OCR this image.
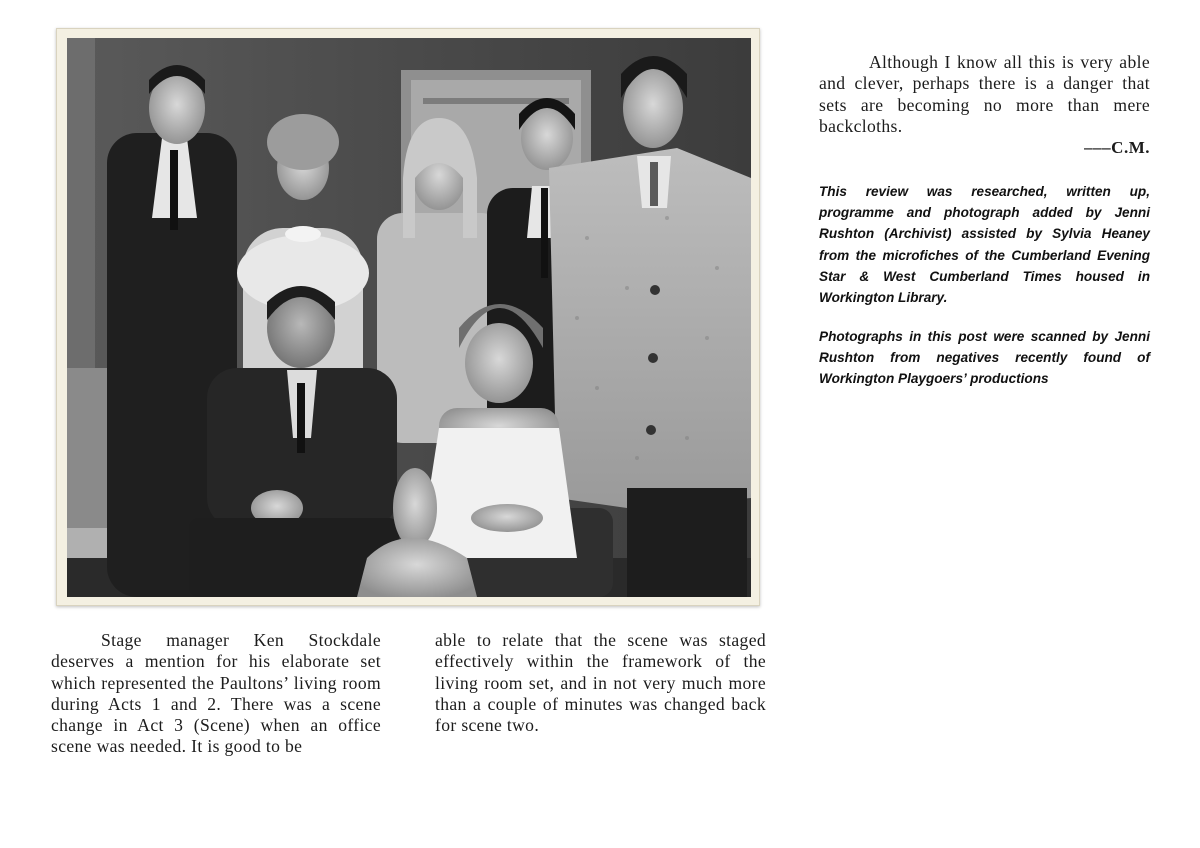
Although I know all this is very able and clever, perhaps there is a danger that sets are becoming no more than mere backcloths.

–––C.M.

This review was researched, written up, programme and photograph added by Jenni Rushton (Archivist) assisted by Sylvia Heaney from the microfiches of the Cumberland Evening Star & West Cumberland Times housed in Workington Library.

Photographs in this post were scanned by Jenni Rushton from negatives recently found of Workington Playgoers’ productions

Stage manager Ken Stockdale deserves a mention for his elaborate set which represented the Paultons’ living room during Acts 1 and 2. There was a scene change in Act 3 (Scene) when an office scene was needed. It is good to be

able to relate that the scene was staged effectively within the framework of the living room set, and in not very much more than a couple of minutes was changed back for scene two.
